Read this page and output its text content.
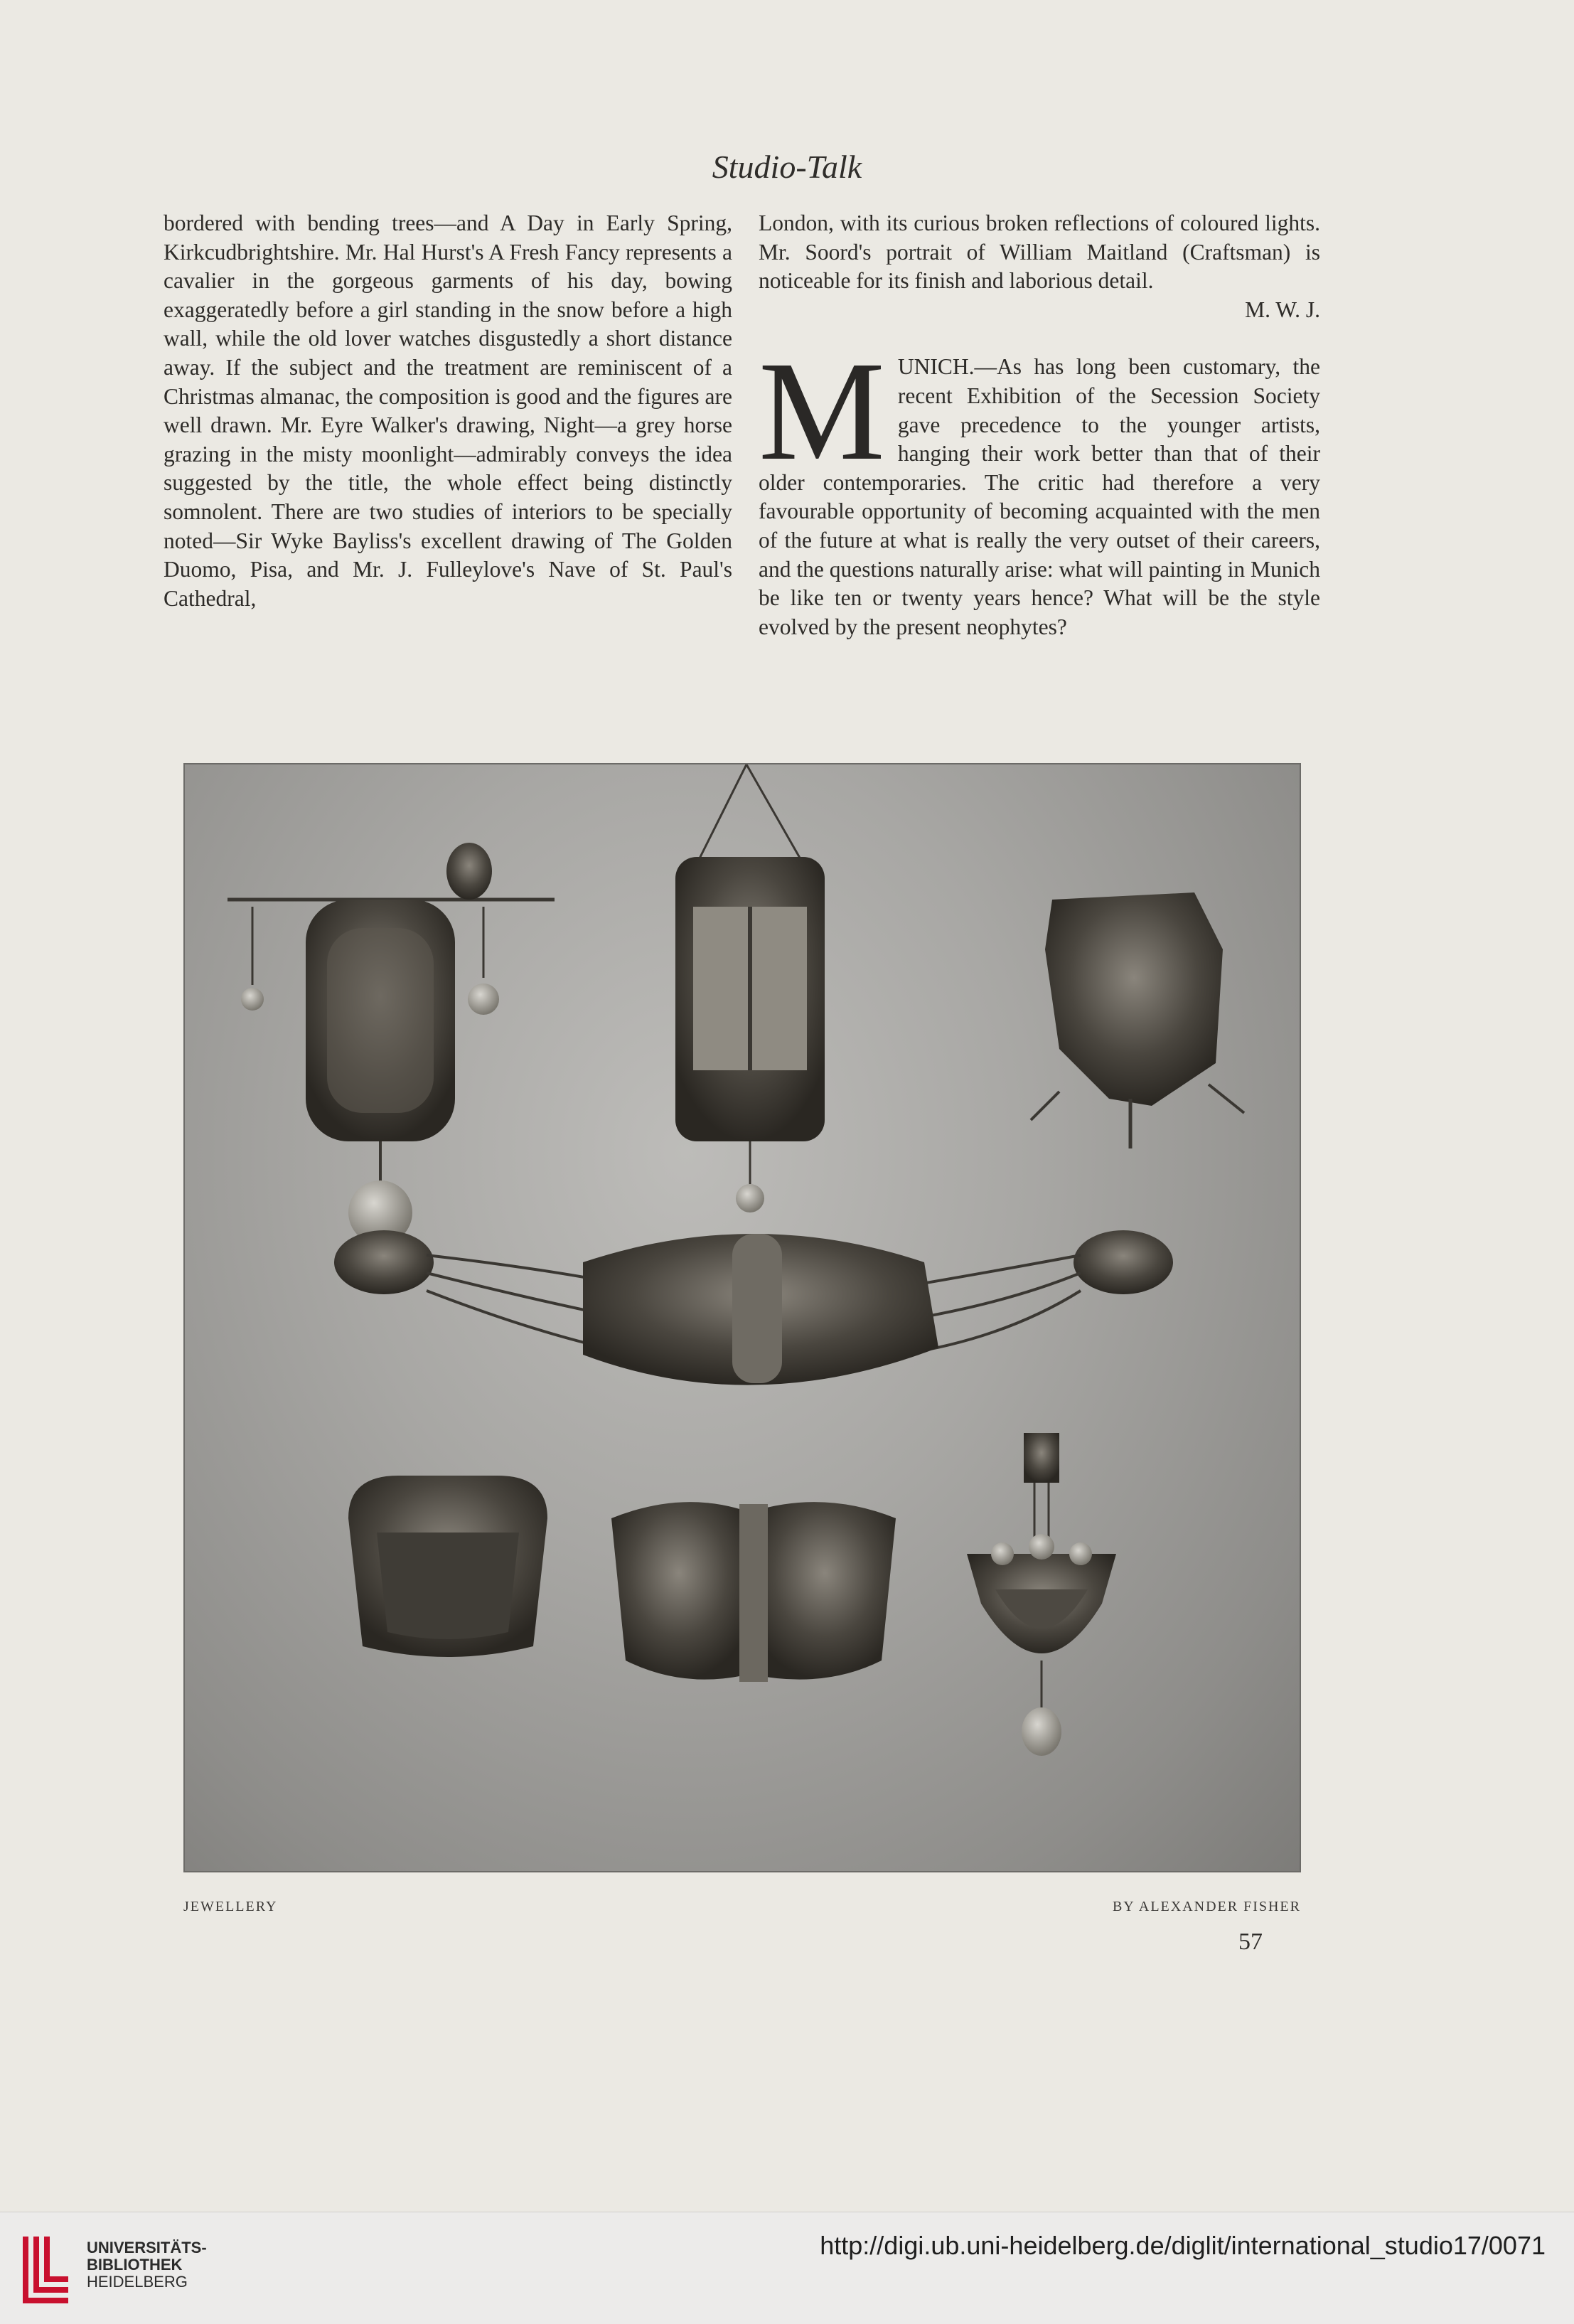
Studio-Talk

bordered with bending trees—and A Day in Early Spring, Kirkcudbrightshire. Mr. Hal Hurst's A Fresh Fancy represents a cavalier in the gorgeous garments of his day, bowing exaggeratedly before a girl standing in the snow before a high wall, while the old lover watches disgustedly a short distance away. If the subject and the treatment are reminiscent of a Christmas almanac, the composition is good and the figures are well drawn. Mr. Eyre Walker's drawing, Night—a grey horse grazing in the misty moonlight—admirably conveys the idea suggested by the title, the whole effect being distinctly somnolent. There are two studies of interiors to be specially noted—Sir Wyke Bayliss's excellent drawing of The Golden Duomo, Pisa, and Mr. J. Fulleylove's Nave of St. Paul's Cathedral,

London, with its curious broken reflections of coloured lights. Mr. Soord's portrait of William Maitland (Craftsman) is noticeable for its finish and laborious detail.

M. W. J.

M UNICH.—As has long been customary, the recent Exhibition of the Secession Society gave precedence to the younger artists, hanging their work better than that of their older contemporaries. The critic had therefore a very favourable opportunity of becoming acquainted with the men of the future at what is really the very outset of their careers, and the questions naturally arise: what will painting in Munich be like ten or twenty years hence? What will be the style evolved by the present neophytes?

JEWELLERY	BY ALEXANDER FISHER
57
UNIVERSITÄTS-
BIBLIOTHEK
HEIDELBERG
http://digi.ub.uni-heidelberg.de/diglit/international_studio17/0071
